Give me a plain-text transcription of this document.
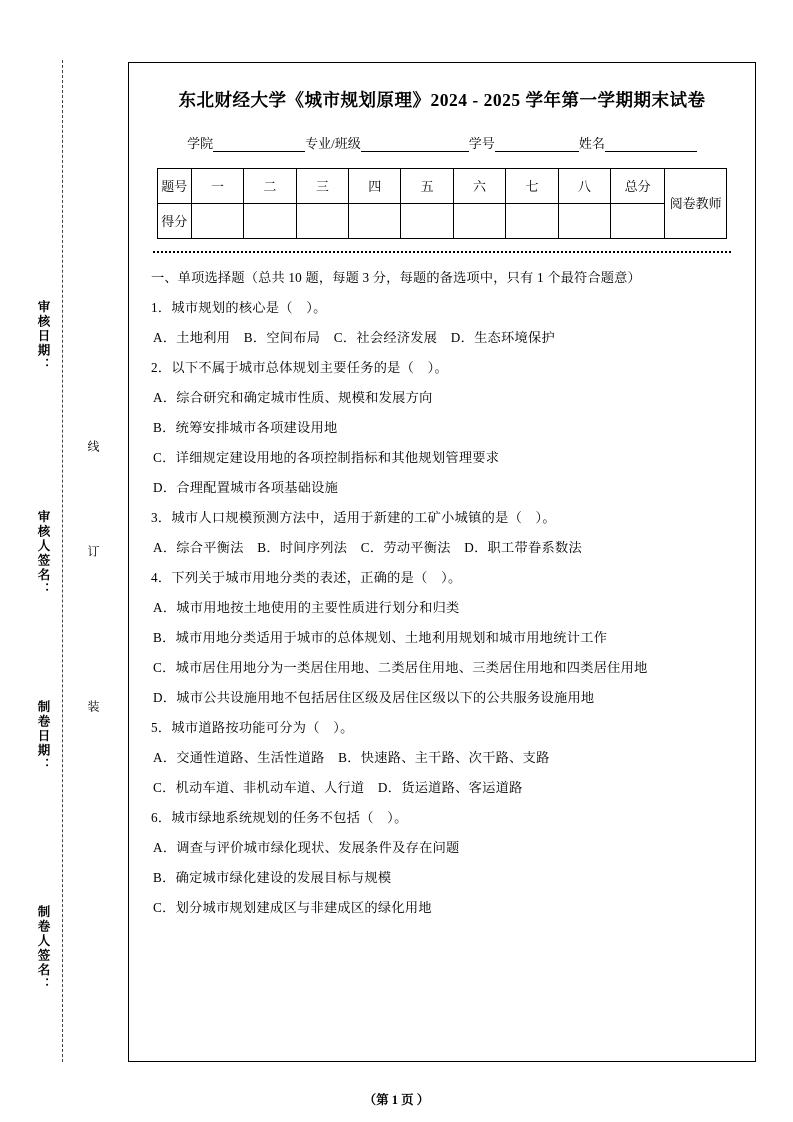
审核日期：
审核人签名：
制卷日期：
制卷人签名：
线
订
装
东北财经大学《城市规划原理》2024 - 2025 学年第一学期期末试卷
学院	专业/班级	学号	姓名
题号	一	二	三	四	五	六	七	八	总分	阅卷教师
得分										
一、单项选择题（总共 10 题，每题 3 分，每题的备选项中，只有 1 个最符合题意）
1．城市规划的核心是（　）。
A．土地利用　B．空间布局　C．社会经济发展　D．生态环境保护
2．以下不属于城市总体规划主要任务的是（　）。
A．综合研究和确定城市性质、规模和发展方向
B．统筹安排城市各项建设用地
C．详细规定建设用地的各项控制指标和其他规划管理要求
D．合理配置城市各项基础设施
3．城市人口规模预测方法中，适用于新建的工矿小城镇的是（　）。
A．综合平衡法　B．时间序列法　C．劳动平衡法　D．职工带眷系数法
4．下列关于城市用地分类的表述，正确的是（　）。
A．城市用地按土地使用的主要性质进行划分和归类
B．城市用地分类适用于城市的总体规划、土地利用规划和城市用地统计工作
C．城市居住用地分为一类居住用地、二类居住用地、三类居住用地和四类居住用地
D．城市公共设施用地不包括居住区级及居住区级以下的公共服务设施用地
5．城市道路按功能可分为（　）。
A．交通性道路、生活性道路　B．快速路、主干路、次干路、支路
C．机动车道、非机动车道、人行道　D．货运道路、客运道路
6．城市绿地系统规划的任务不包括（　）。
A．调查与评价城市绿化现状、发展条件及存在问题
B．确定城市绿化建设的发展目标与规模
C．划分城市规划建成区与非建成区的绿化用地
（第 1 页 ）
